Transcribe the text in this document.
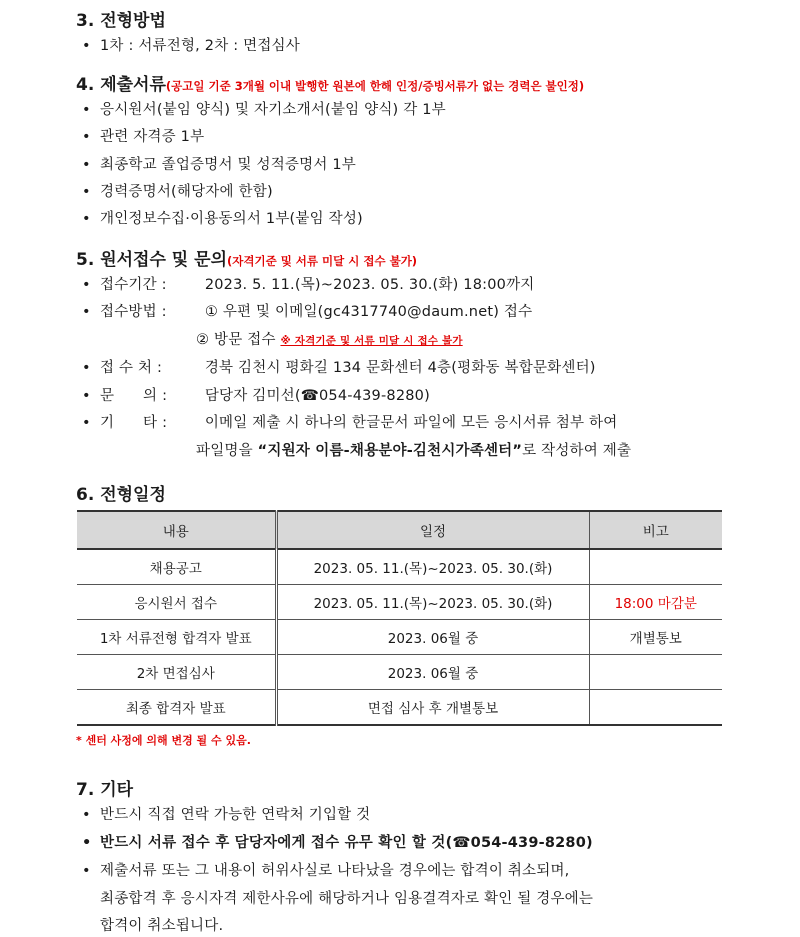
3. 전형방법
• 1차 : 서류전형, 2차 : 면접심사
4. 제출서류(공고일 기준 3개월 이내 발행한 원본에 한해 인정/증빙서류가 없는 경력은 불인정)
• 응시원서(붙임 양식) 및 자기소개서(붙임 양식) 각 1부
• 관련 자격증 1부
• 최종학교 졸업증명서 및 성적증명서 1부
• 경력증명서(해당자에 한함)
• 개인정보수집·이용동의서 1부(붙임 작성)
5. 원서접수 및 문의(자격기준 및 서류 미달 시 접수 불가)
• 접수기간 :	2023. 5. 11.(목)~2023. 05. 30.(화) 18:00까지
• 접수방법 :	① 우편 및 이메일(gc4317740@daum.net) 접수
② 방문 접수 ※ 자격기준 및 서류 미달 시 접수 불가
• 접 수 처 :	경북 김천시 평화길 134 문화센터 4층(평화동 복합문화센터)
• 문      의 :	담당자 김미선(☎054-439-8280)
• 기      타 :	이메일 제출 시 하나의 한글문서 파일에 모든 응시서류 첨부 하여
파일명을 “지원자 이름-채용분야-김천시가족센터”로 작성하여 제출
6. 전형일정
내용	일정	비고
채용공고	2023. 05. 11.(목)~2023. 05. 30.(화)	
응시원서 접수	2023. 05. 11.(목)~2023. 05. 30.(화)	18:00 마감분
1차 서류전형 합격자 발표	2023. 06월 중	개별통보
2차 면접심사	2023. 06월 중	
최종 합격자 발표	면접 심사 후 개별통보	
* 센터 사정에 의해 변경 될 수 있음.
7. 기타
• 반드시 직접 연락 가능한 연락처 기입할 것
• 반드시 서류 접수 후 담당자에게 접수 유무 확인 할 것(☎054-439-8280)
• 제출서류 또는 그 내용이 허위사실로 나타났을 경우에는 합격이 취소되며,
최종합격 후 응시자격 제한사유에 해당하거나 임용결격자로 확인 될 경우에는
합격이 취소됩니다.
